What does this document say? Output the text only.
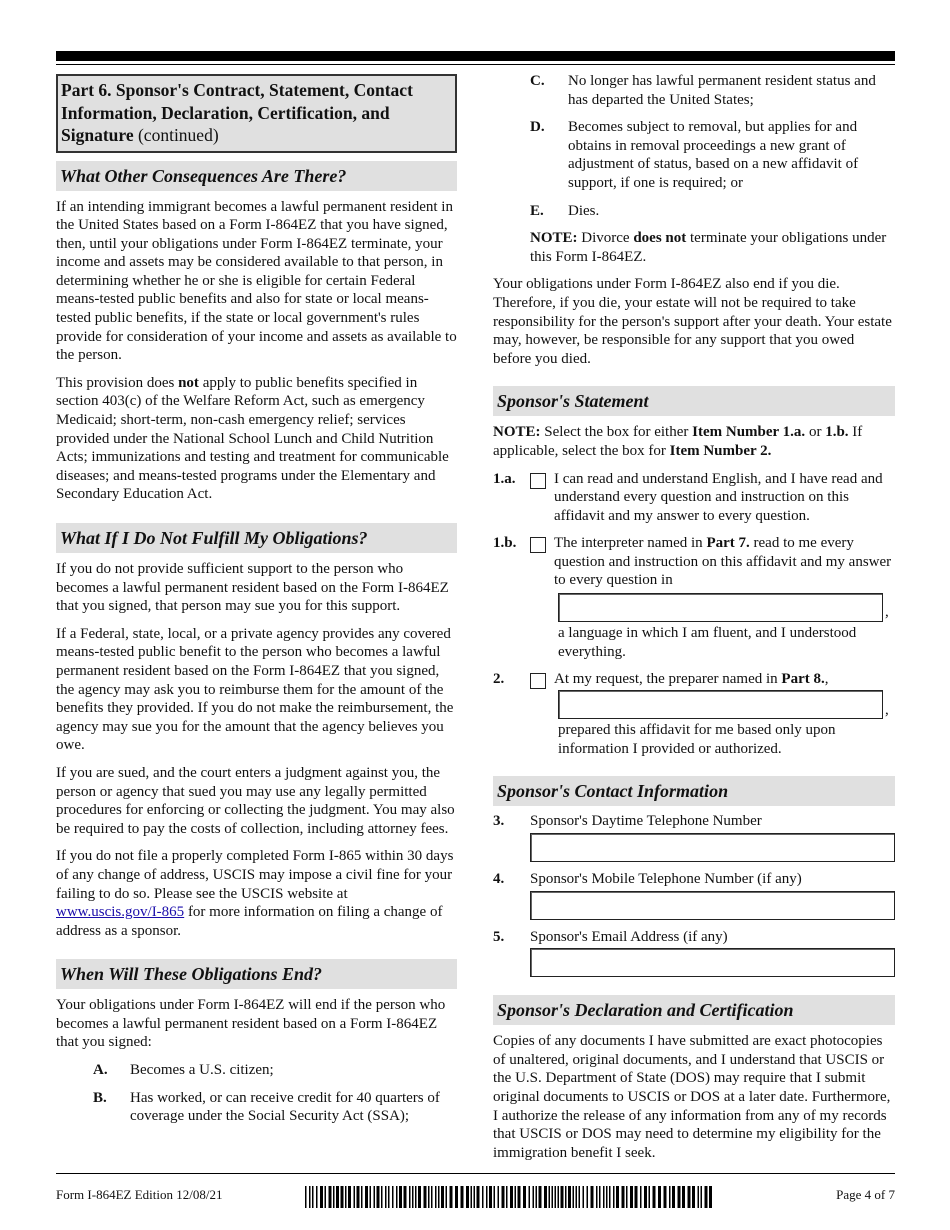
Part 6. Sponsor's Contract, Statement, Contact Information, Declaration, Certification, and Signature (continued)
What Other Consequences Are There?

If an intending immigrant becomes a lawful permanent resident in the United States based on a Form I-864EZ that you have signed, then, until your obligations under Form I-864EZ terminate, your income and assets may be considered available to that person, in determining whether he or she is eligible for certain Federal means-tested public benefits and also for state or local means-tested public benefits, if the state or local government's rules provide for consideration of your income and assets as available to the person.

This provision does not apply to public benefits specified in section 403(c) of the Welfare Reform Act, such as emergency Medicaid; short-term, non-cash emergency relief; services provided under the National School Lunch and Child Nutrition Acts; immunizations and testing and treatment for communicable diseases; and means-tested programs under the Elementary and Secondary Education Act.

What If I Do Not Fulfill My Obligations?

If you do not provide sufficient support to the person who becomes a lawful permanent resident based on the Form I-864EZ that you signed, that person may sue you for this support.

If a Federal, state, local, or a private agency provides any covered means-tested public benefit to the person who becomes a lawful permanent resident based on the Form I-864EZ that you signed, the agency may ask you to reimburse them for the amount of the benefits they provided. If you do not make the reimbursement, the agency may sue you for the amount that the agency believes you owe.

If you are sued, and the court enters a judgment against you, the person or agency that sued you may use any legally permitted procedures for enforcing or collecting the judgment. You may also be required to pay the costs of collection, including attorney fees.

If you do not file a properly completed Form I-865 within 30 days of any change of address, USCIS may impose a civil fine for your failing to do so. Please see the USCIS website at www.uscis.gov/I-865 for more information on filing a change of address as a sponsor.

When Will These Obligations End?

Your obligations under Form I-864EZ will end if the person who becomes a lawful permanent resident based on a Form I-864EZ that you signed:

A.	Becomes a U.S. citizen;
B.	Has worked, or can receive credit for 40 quarters of coverage under the Social Security Act (SSA);
C.	No longer has lawful permanent resident status and has departed the United States;
D.	Becomes subject to removal, but applies for and obtains in removal proceedings a new grant of adjustment of status, based on a new affidavit of support, if one is required; or
E.	Dies.

NOTE: Divorce does not terminate your obligations under this Form I-864EZ.

Your obligations under Form I-864EZ also end if you die. Therefore, if you die, your estate will not be required to take responsibility for the person's support after your death. Your estate may, however, be responsible for any support that you owed before you died.

Sponsor's Statement

NOTE: Select the box for either Item Number 1.a. or 1.b. If applicable, select the box for Item Number 2.

1.a.	I can read and understand English, and I have read and understand every question and instruction on this affidavit and my answer to every question.
1.b.	The interpreter named in Part 7. read to me every question and instruction on this affidavit and my answer to every question in
,

a language in which I am fluent, and I understood everything.

2.	At my request, the preparer named in Part 8.,
,

prepared this affidavit for me based only upon information I provided or authorized.

Sponsor's Contact Information
3.	Sponsor's Daytime Telephone Number
4.	Sponsor's Mobile Telephone Number (if any)
5.	Sponsor's Email Address (if any)
Sponsor's Declaration and Certification

Copies of any documents I have submitted are exact photocopies of unaltered, original documents, and I understand that USCIS or the U.S. Department of State (DOS) may require that I submit original documents to USCIS or DOS at a later date. Furthermore, I authorize the release of any information from any of my records that USCIS or DOS may need to determine my eligibility for the immigration benefit I seek.

Form I-864EZ Edition 12/08/21	Page 4 of 7
